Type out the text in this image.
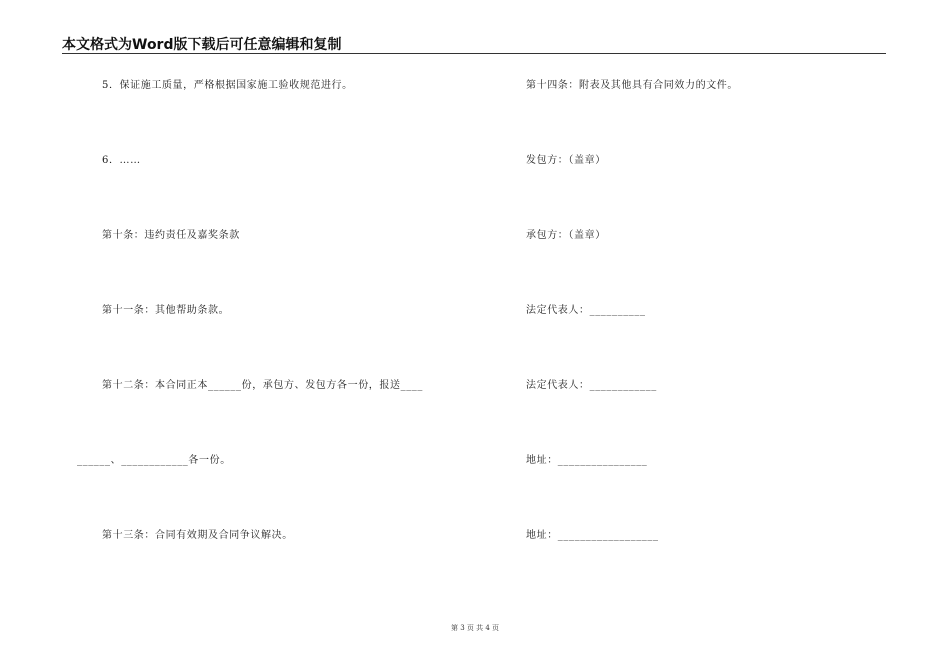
本文格式为Word版下载后可任意编辑和复制
5．保证施工质量，严格根据国家施工验收规范进行。
6．……
第十条：违约责任及嘉奖条款
第十一条：其他帮助条款。
第十二条：本合同正本______份，承包方、发包方各一份，报送____
______、____________各一份。
第十三条：合同有效期及合同争议解决。
第十四条：附表及其他具有合同效力的文件。
发包方：（盖章）
承包方：（盖章）
法定代表人：__________
法定代表人：____________
地址：________________
地址：__________________
第 3 页 共 4 页
